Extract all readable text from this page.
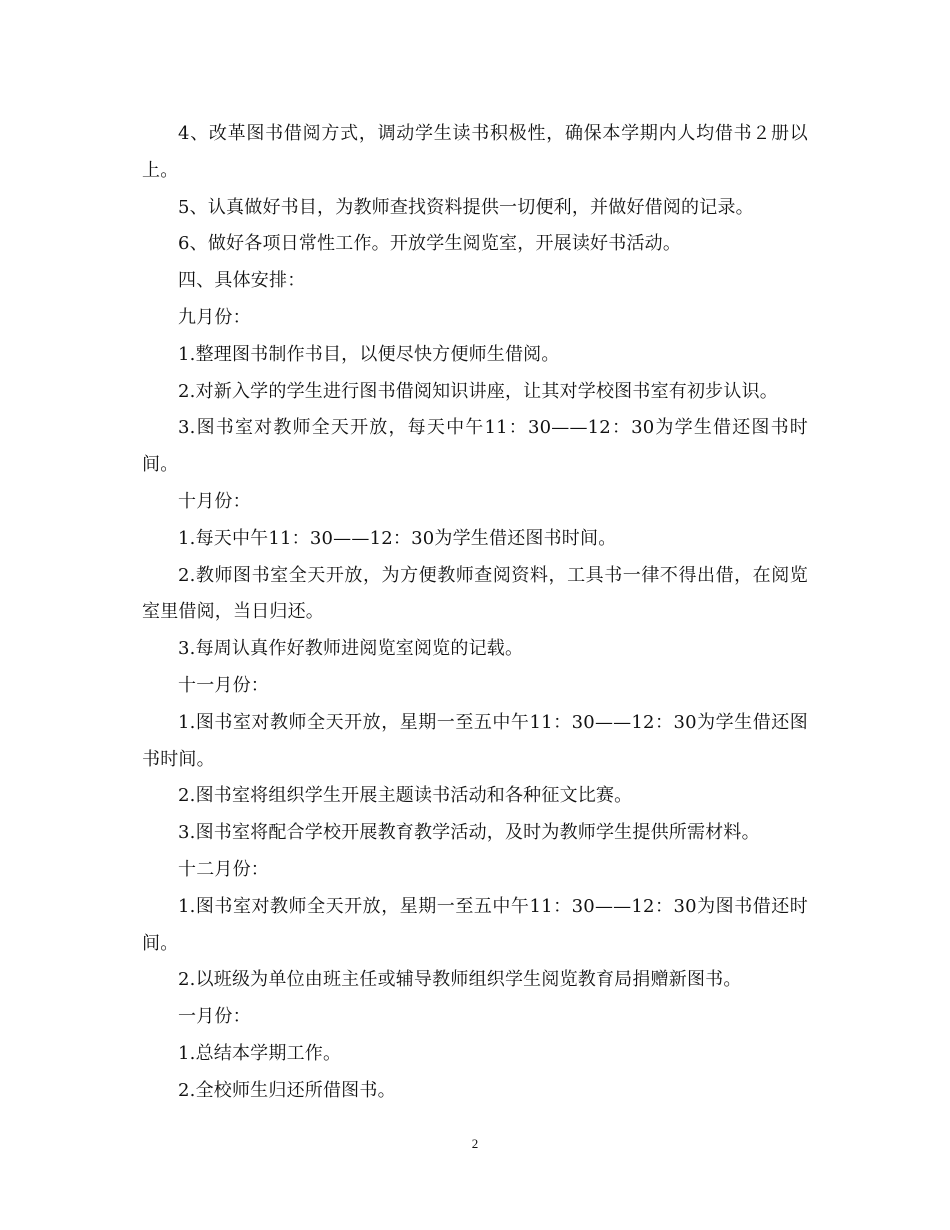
4、改革图书借阅方式，调动学生读书积极性，确保本学期内人均借书２册以上。

5、认真做好书目，为教师查找资料提供一切便利，并做好借阅的记录。

6、做好各项日常性工作。开放学生阅览室，开展读好书活动。

四、具体安排：

九月份：

1.整理图书制作书目，以便尽快方便师生借阅。

2.对新入学的学生进行图书借阅知识讲座，让其对学校图书室有初步认识。

3.图书室对教师全天开放，每天中午11：30——12：30为学生借还图书时间。

十月份：

1.每天中午11：30——12：30为学生借还图书时间。

2.教师图书室全天开放，为方便教师查阅资料，工具书一律不得出借，在阅览室里借阅，当日归还。

3.每周认真作好教师进阅览室阅览的记载。

十一月份：

1.图书室对教师全天开放，星期一至五中午11：30——12：30为学生借还图书时间。

2.图书室将组织学生开展主题读书活动和各种征文比赛。

3.图书室将配合学校开展教育教学活动，及时为教师学生提供所需材料。

十二月份：

1.图书室对教师全天开放，星期一至五中午11：30——12：30为图书借还时间。

2.以班级为单位由班主任或辅导教师组织学生阅览教育局捐赠新图书。

一月份：

1.总结本学期工作。

2.全校师生归还所借图书。

2
